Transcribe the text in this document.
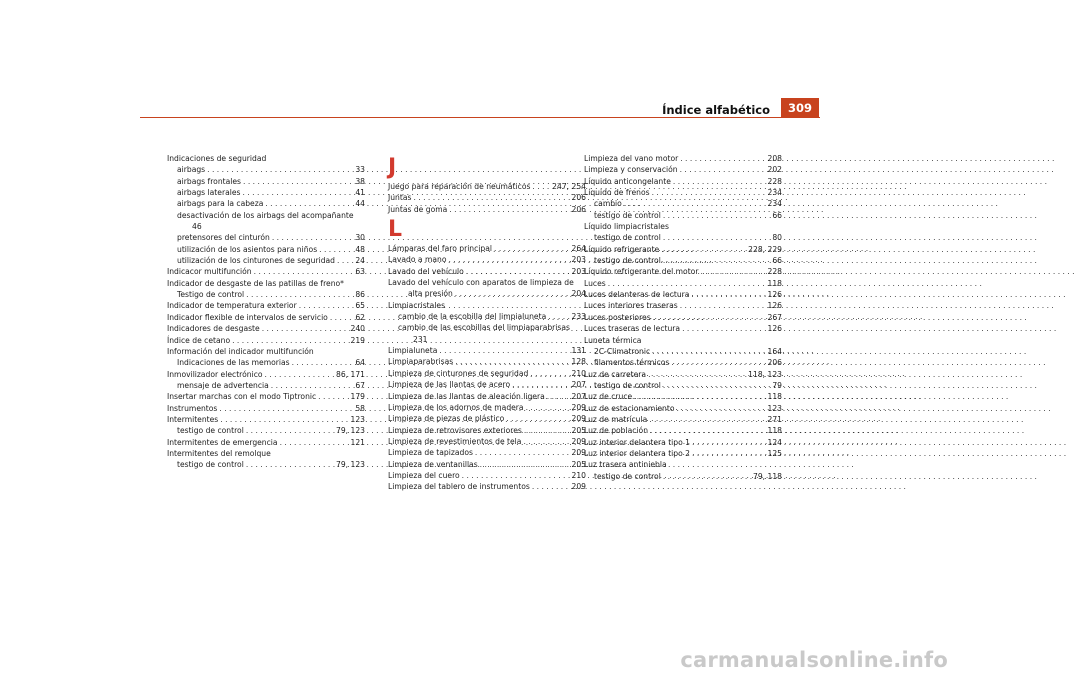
Índice alfabético	309
Indicaciones de seguridad
airbags . . .	33
airbags frontales . . .	38
airbags laterales . . .	41
airbags para la cabeza . . .	44
desactivación de los airbags del acompañante
46
pretensores del cinturón . . .	30
utilización de los asientos para niños . . .	48
utilización de los cinturones de seguridad . . .	24
Indicacor multifunción . . .	63
Indicador de desgaste de las patillas de freno*
Testigo de control . . .	86
Indicador de temperatura exterior . . .	65
Indicador flexible de intervalos de servicio . . .	62
Indicadores de desgaste . . .	240
Índice de cetano . . .	219
Información del indicador multifunción
Indicaciones de las memorias . . .	64
Inmovilizador electrónico . . .	86, 171
mensaje de advertencia . . .	67
Insertar marchas con el modo Tiptronic . . .	179
Instrumentos . . .	58
Intermitentes . . .	123
testigo de control . . .	79, 123
Intermitentes de emergencia . . .	121
Intermitentes del remolque
testigo de control . . .	79, 123
J
Juego para reparación de neumáticos . . .	247, 254
Juntas . . .	206
Juntas de goma . . .	206
L
Lámparas del faro principal . . .	264
Lavado a mano . . .	203
Lavado del vehículo . . .	203
Lavado del vehículo con aparatos de limpieza de
alta presión . . .	204
Limpiacristales
cambio de la escobilla del limpialuneta . . .	233
cambio de las escobillas del limpiaparabrisas
231
Limpialuneta . . .	131
Limpiaparabrisas . . .	128
Limpieza de cinturones de seguridad . . .	210
Limpieza de las llantas de acero . . .	207
Limpieza de las llantas de aleación ligera . . .	207
Limpieza de los adornos de madera . . .	209
Limpieza de piezas de plástico . . .	209
Limpieza de retrovisores exteriores . . .	205
Limpieza de revestimientos de tela . . .	209
Limpieza de tapizados . . .	209
Limpieza de ventanillas . . .	205
Limpieza del cuero . . .	210
Limpieza del tablero de instrumentos . . .	209
Limpieza del vano motor . . .	208
Limpieza y conservación . . .	202
Líquido anticongelante . . .	228
Líquido de frenos . . .	234
cambio . . .	234
testigo de control . . .	66
Líquido limpiacristales
testigo de control . . .	80
Líquido refrigerante . . .	228, 229
testigo de control . . .	66
Líquido refrigerante del motor . . .	228
Luces . . .	118
Luces delanteras de lectura . . .	126
Luces interiores traseras . . .	126
Luces posteriores . . .	267
Luces traseras de lectura . . .	126
Luneta térmica
2C-Climatronic . . .	164
filamentos térmicos . . .	206
Luz de carretera . . .	118, 123
testigo de control . . .	79
Luz de cruce . . .	118
Luz de estacionamiento . . .	123
Luz de matrícula . . .	271
Luz de población . . .	118
Luz interior delantera tipo 1 . . .	124
Luz interior delantera tipo 2 . . .	125
Luz trasera antiniebla
testigo de control . . .	79, 118
carmanualsonline.info
